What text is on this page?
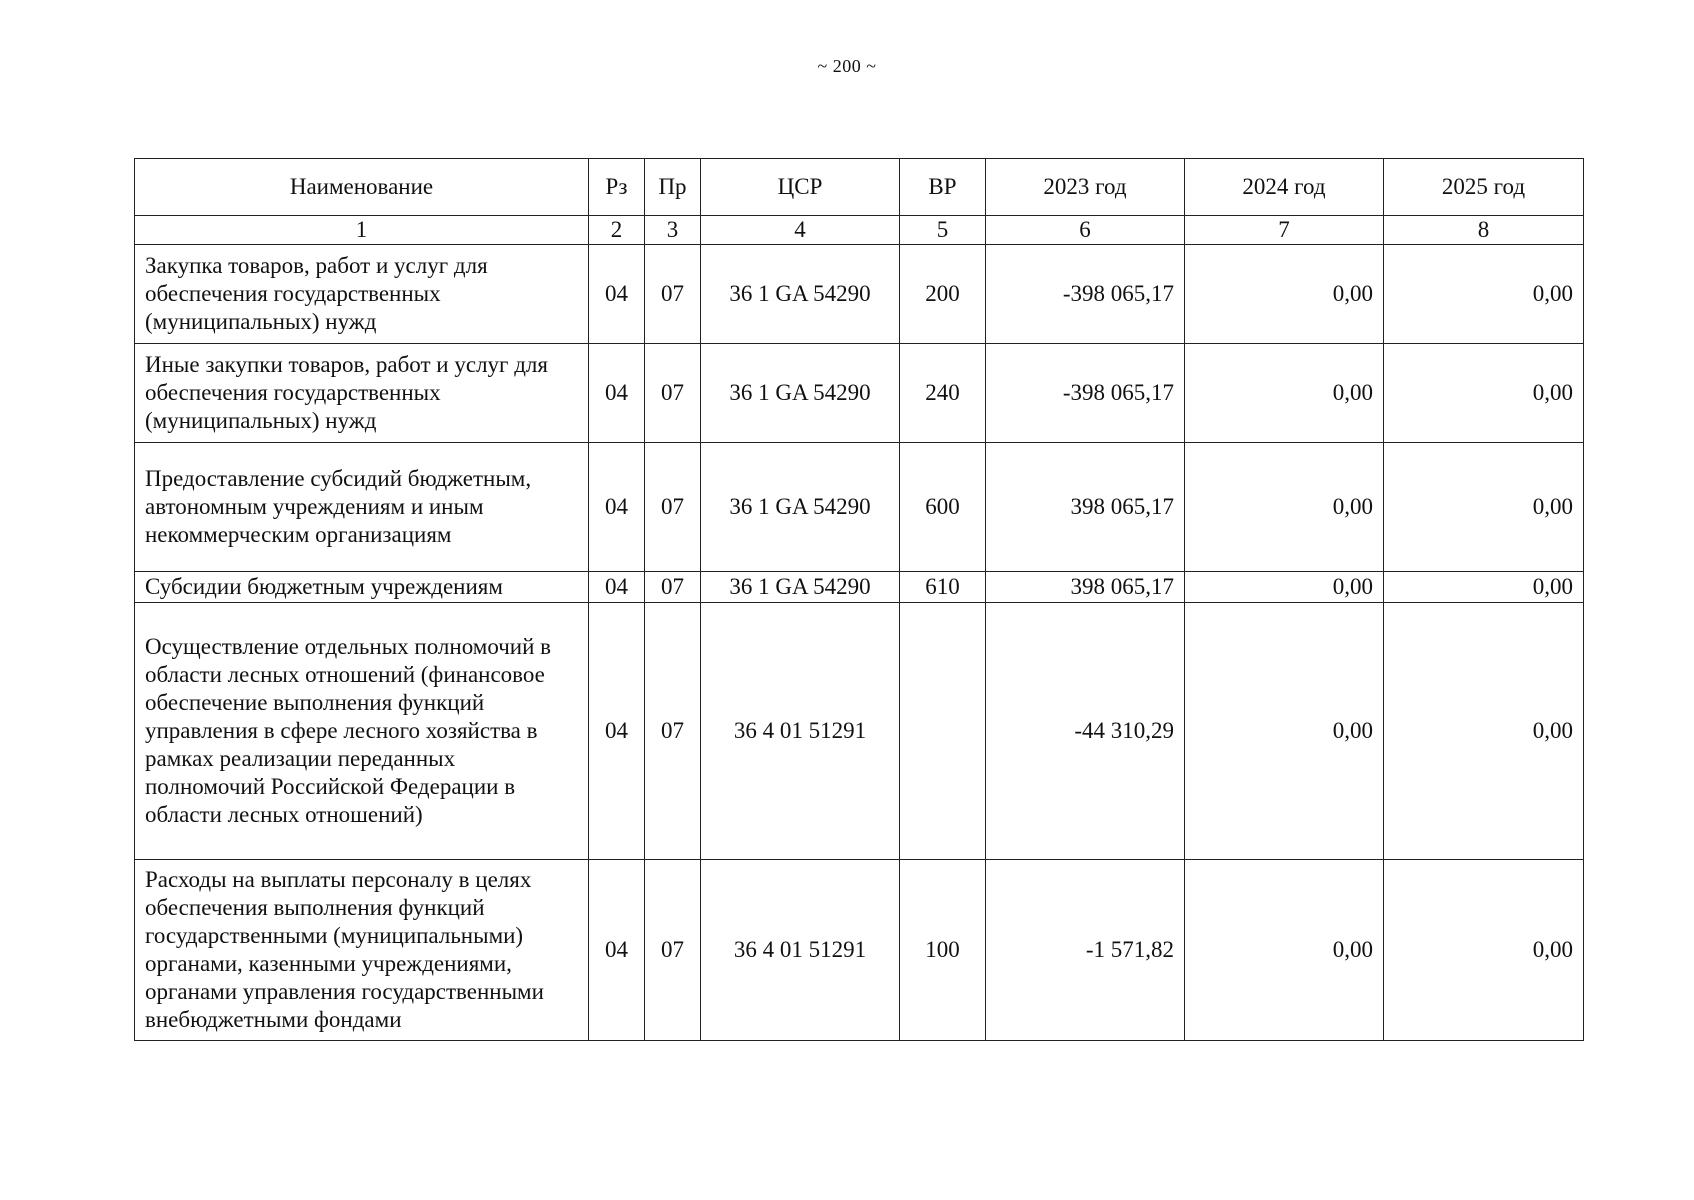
~ 200 ~
Наименование	Рз	Пр	ЦСР	ВР	2023 год	2024 год	2025 год
1	2	3	4	5	6	7	8
Закупка товаров, работ и услуг для обеспечения государственных (муниципальных) нужд	04	07	36 1 GA 54290	200	-398 065,17	0,00	0,00
Иные закупки товаров, работ и услуг для обеспечения государственных (муниципальных) нужд	04	07	36 1 GA 54290	240	-398 065,17	0,00	0,00
Предоставление субсидий бюджетным, автономным учреждениям и иным некоммерческим организациям	04	07	36 1 GA 54290	600	398 065,17	0,00	0,00
Субсидии бюджетным учреждениям	04	07	36 1 GA 54290	610	398 065,17	0,00	0,00
Осуществление отдельных полномочий в области лесных отношений (финансовое обеспечение выполнения функций управления в сфере лесного хозяйства в рамках реализации переданных полномочий Российской Федерации в области лесных отношений)	04	07	36 4 01 51291		-44 310,29	0,00	0,00
Расходы на выплаты персоналу в целях обеспечения выполнения функций государственными (муниципальными) органами, казенными учреждениями, органами управления государственными внебюджетными фондами	04	07	36 4 01 51291	100	-1 571,82	0,00	0,00
